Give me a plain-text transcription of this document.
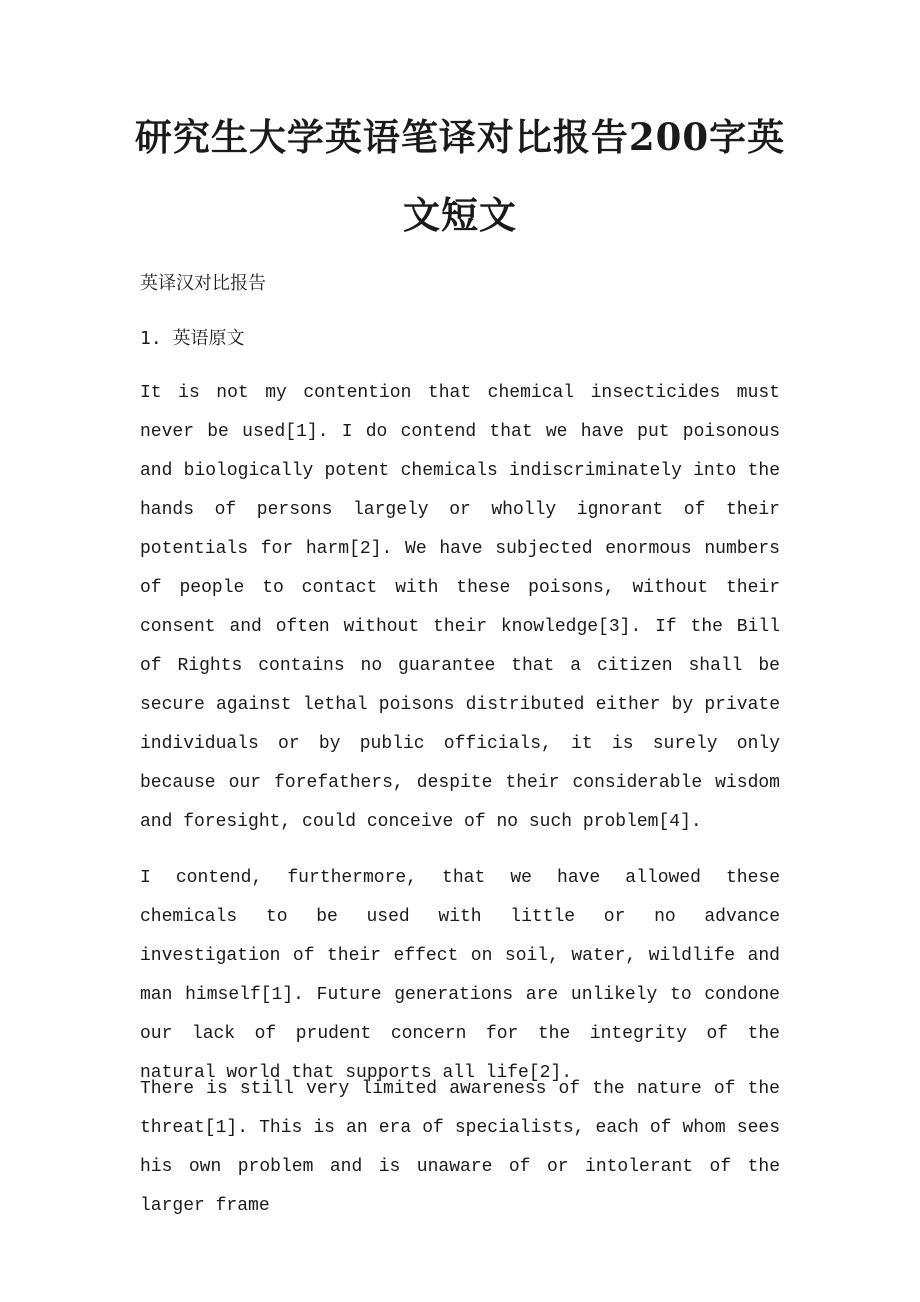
研究生大学英语笔译对比报告200字英文短文

英译汉对比报告

1. 英语原文

It is not my contention that chemical insecticides must never be used[1]. I do contend that we have put poisonous and biologically potent chemicals indiscriminately into the hands of persons largely or wholly ignorant of their potentials for harm[2]. We have subjected enormous numbers of people to contact with these poisons, without their consent and often without their knowledge[3]. If the Bill of Rights contains no guarantee that a citizen shall be secure against lethal poisons distributed either by private individuals or by public officials, it is surely only because our forefathers, despite their considerable wisdom and foresight, could conceive of no such problem[4].

I contend, furthermore, that we have allowed these chemicals to be used with little or no advance investigation of their effect on soil, water, wildlife and man himself[1]. Future generations are unlikely to condone our lack of prudent concern for the integrity of the natural world that supports all life[2].

There is still very limited awareness of the nature of the threat[1]. This is an era of specialists, each of whom sees his own problem and is unaware of or intolerant of the larger frame
